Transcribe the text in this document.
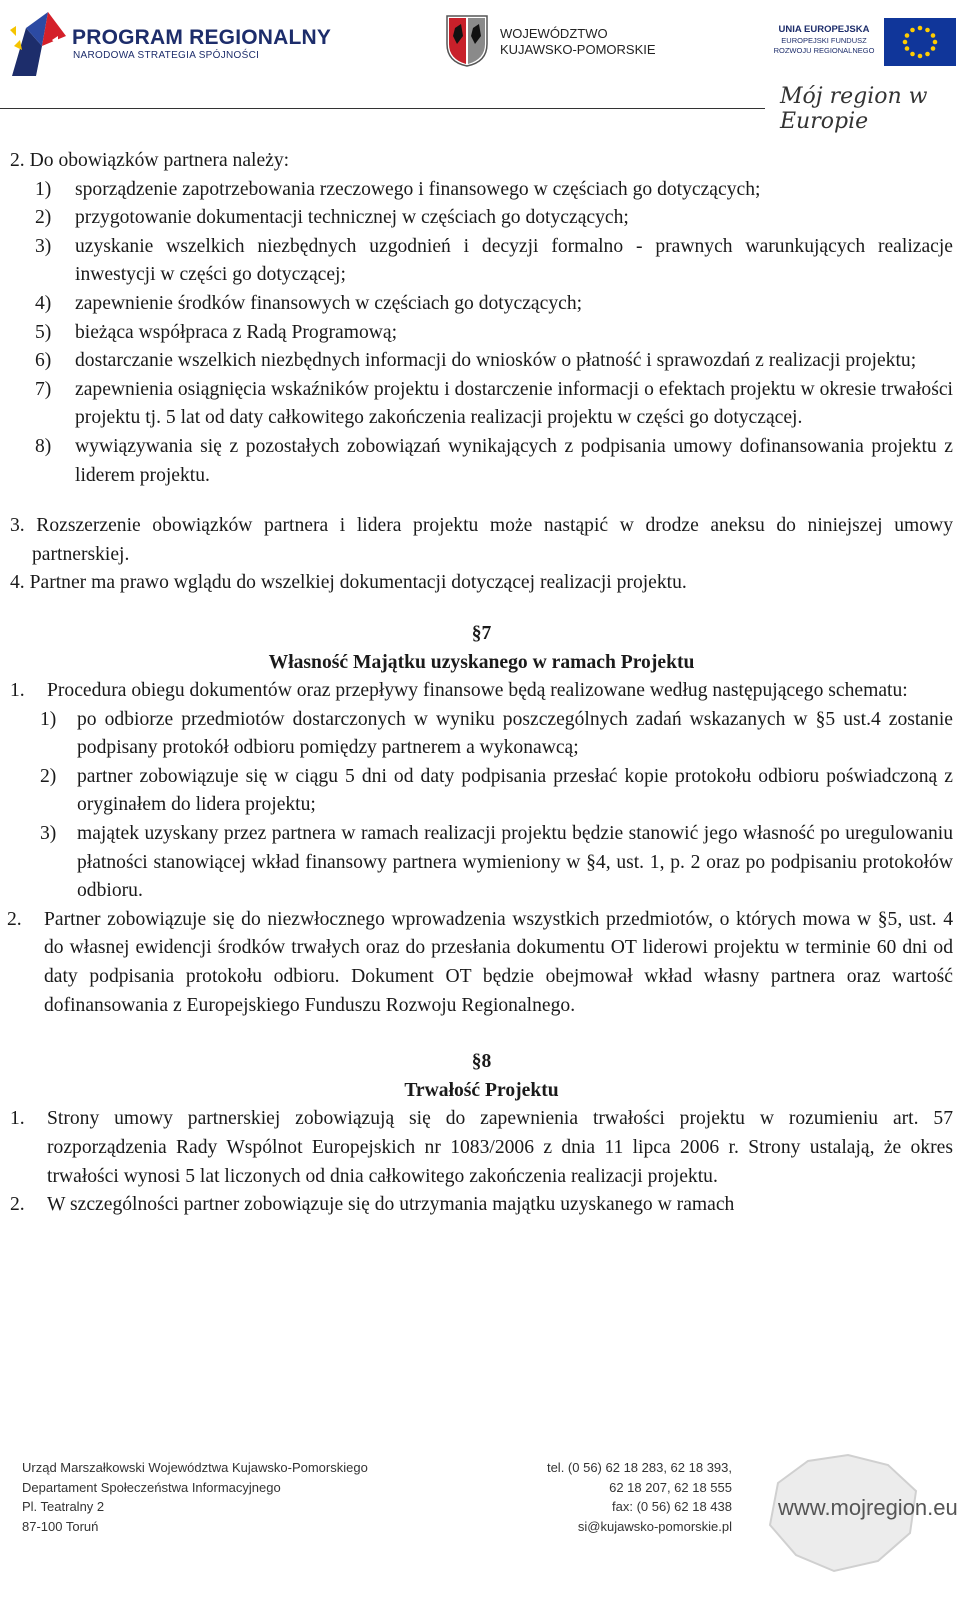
PROGRAM REGIONALNY
NARODOWA STRATEGIA SPÓJNOŚCI
WOJEWÓDZTWO
KUJAWSKO-POMORSKIE
UNIA EUROPEJSKA
EUROPEJSKI FUNDUSZ
ROZWOJU REGIONALNEGO
Mój region w Europie
2. Do obowiązków partnera należy:
1) sporządzenie zapotrzebowania rzeczowego i finansowego w częściach go dotyczących;
2) przygotowanie dokumentacji technicznej w częściach go dotyczących;
3) uzyskanie wszelkich niezbędnych uzgodnień i decyzji formalno - prawnych warunkujących realizacje inwestycji w części go dotyczącej;
4) zapewnienie środków finansowych w częściach go dotyczących;
5) bieżąca współpraca z Radą Programową;
6) dostarczanie wszelkich niezbędnych informacji do wniosków o płatność i sprawozdań z realizacji projektu;
7) zapewnienia osiągnięcia wskaźników projektu i dostarczenie informacji o efektach projektu w okresie trwałości projektu tj. 5 lat od daty całkowitego zakończenia realizacji projektu w części go dotyczącej.
8) wywiązywania się z pozostałych zobowiązań wynikających z podpisania umowy dofinansowania projektu z liderem projektu.
3. Rozszerzenie obowiązków partnera i lidera projektu może nastąpić w drodze aneksu do niniejszej umowy partnerskiej.
4. Partner ma prawo wglądu do wszelkiej dokumentacji dotyczącej realizacji projektu.
§7
Własność Majątku uzyskanego w ramach Projektu
1. Procedura obiegu dokumentów oraz przepływy finansowe będą realizowane według następującego schematu:
1) po odbiorze przedmiotów dostarczonych w wyniku poszczególnych zadań wskazanych w §5 ust.4 zostanie podpisany protokół odbioru pomiędzy partnerem a wykonawcą;
2) partner zobowiązuje się w ciągu 5 dni od daty podpisania przesłać kopie protokołu odbioru poświadczoną z oryginałem do lidera projektu;
3) majątek uzyskany przez partnera w ramach realizacji projektu będzie stanowić jego własność po uregulowaniu płatności stanowiącej wkład finansowy partnera wymieniony w §4, ust. 1, p. 2 oraz po podpisaniu protokołów odbioru.
2. Partner zobowiązuje się do niezwłocznego wprowadzenia wszystkich przedmiotów, o których mowa w §5, ust. 4 do własnej ewidencji środków trwałych oraz do przesłania dokumentu OT liderowi projektu w terminie 60 dni od daty podpisania protokołu odbioru. Dokument OT będzie obejmował wkład własny partnera oraz wartość dofinansowania z Europejskiego Funduszu Rozwoju Regionalnego.
§8
Trwałość Projektu
1. Strony umowy partnerskiej zobowiązują się do zapewnienia trwałości projektu w rozumieniu art. 57 rozporządzenia Rady Wspólnot Europejskich nr 1083/2006 z dnia 11 lipca 2006 r. Strony ustalają, że okres trwałości wynosi 5 lat liczonych od dnia całkowitego zakończenia realizacji projektu.
2. W szczególności partner zobowiązuje się do utrzymania majątku uzyskanego w ramach
Urząd Marszałkowski Województwa Kujawsko-Pomorskiego
Departament Społeczeństwa Informacyjnego
Pl. Teatralny 2
87-100 Toruń
tel. (0 56) 62 18 283, 62 18 393,
62 18 207, 62 18 555
fax: (0 56) 62 18 438
si@kujawsko-pomorskie.pl
www.mojregion.eu
